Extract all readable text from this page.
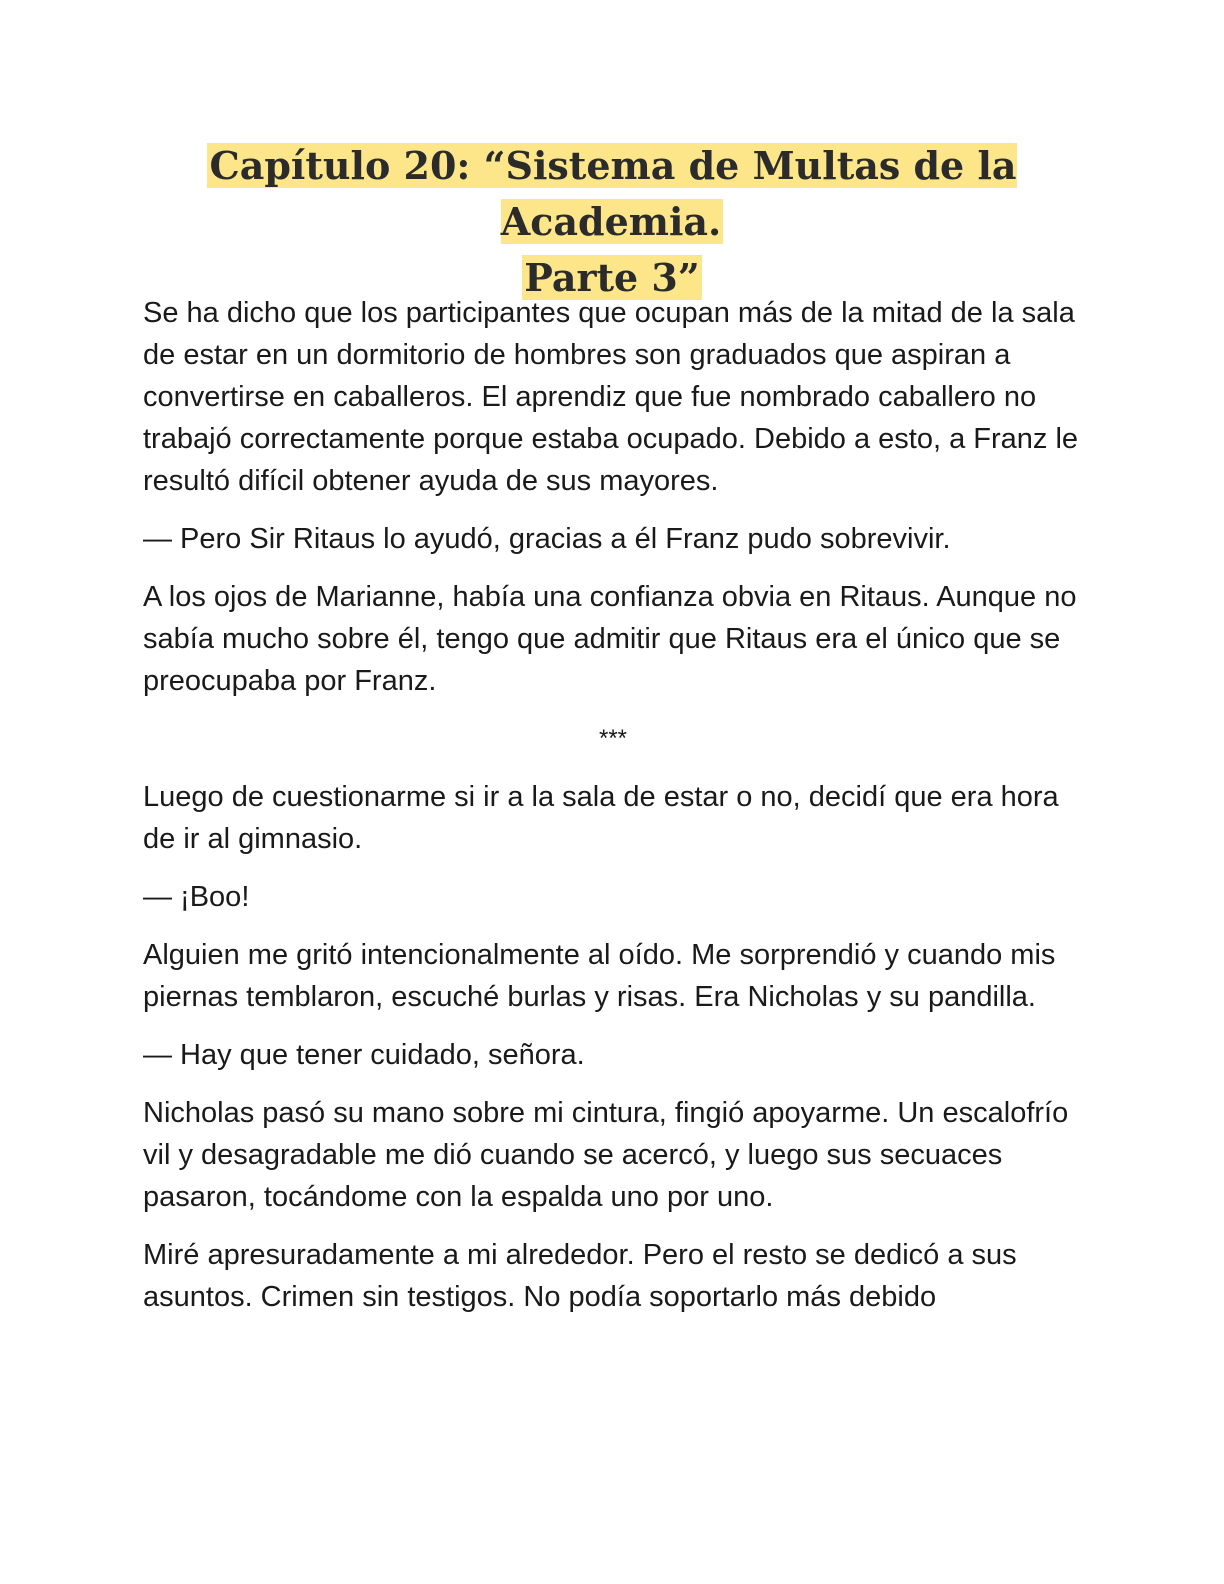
Capítulo 20: “Sistema de Multas de la Academia.
Parte 3”

Se ha dicho que los participantes que ocupan más de la mitad de la sala de estar en un dormitorio de hombres son graduados que aspiran a convertirse en caballeros. El aprendiz que fue nombrado caballero no trabajó correctamente porque estaba ocupado. Debido a esto, a Franz le resultó difícil obtener ayuda de sus mayores.

— Pero Sir Ritaus lo ayudó, gracias a él Franz pudo sobrevivir.

A los ojos de Marianne, había una confianza obvia en Ritaus. Aunque no sabía mucho sobre él, tengo que admitir que Ritaus era el único que se preocupaba por Franz.

***

Luego de cuestionarme si ir a la sala de estar o no, decidí que era hora de ir al gimnasio.

— ¡Boo!

Alguien me gritó intencionalmente al oído. Me sorprendió y cuando mis piernas temblaron, escuché burlas y risas. Era Nicholas y su pandilla.

— Hay que tener cuidado, señora.

Nicholas pasó su mano sobre mi cintura, fingió apoyarme. Un escalofrío vil y desagradable me dió cuando se acercó, y luego sus secuaces pasaron, tocándome con la espalda uno por uno.

Miré apresuradamente a mi alrededor. Pero el resto se dedicó a sus asuntos. Crimen sin testigos. No podía soportarlo más debido
